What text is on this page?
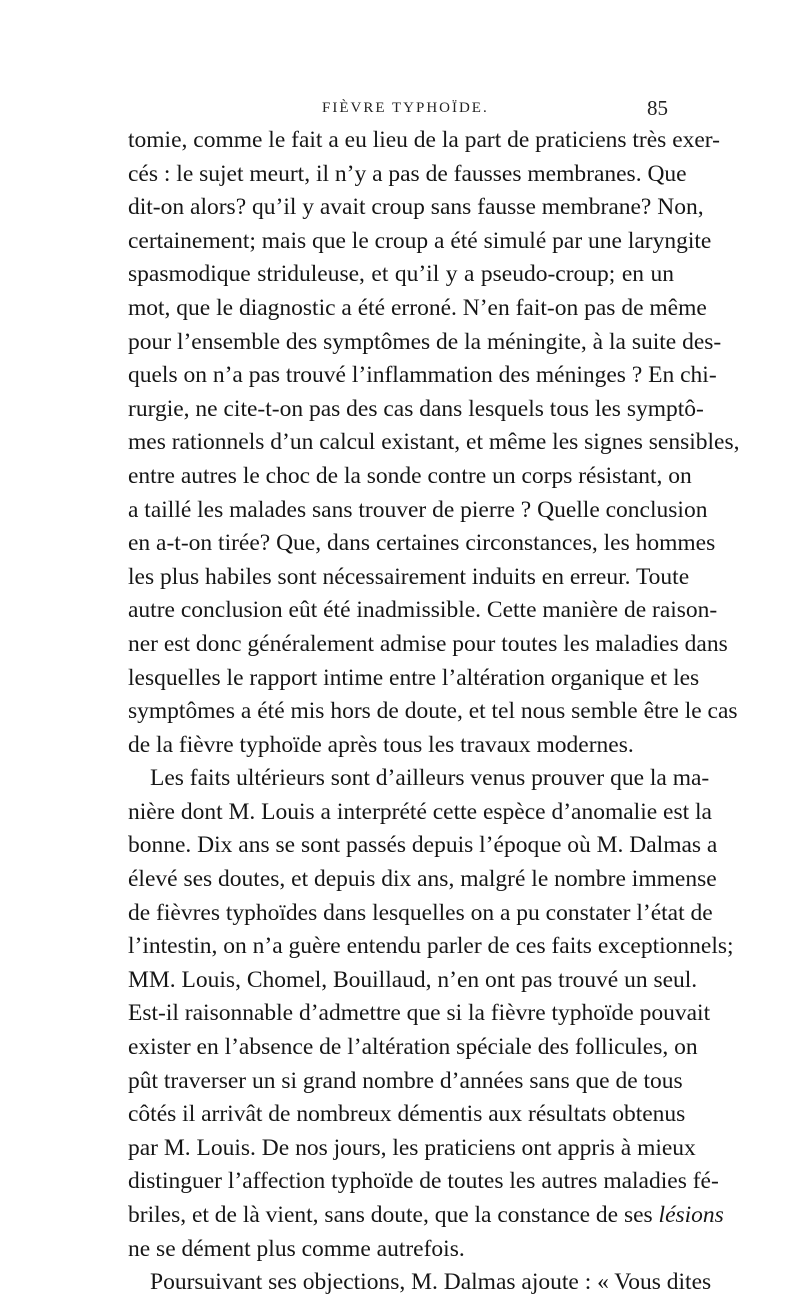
FIÈVRE TYPHOÏDE.	85
tomie, comme le fait a eu lieu de la part de praticiens très exer-
cés : le sujet meurt, il n’y a pas de fausses membranes. Que
dit-on alors? qu’il y avait croup sans fausse membrane? Non,
certainement; mais que le croup a été simulé par une laryngite
spasmodique striduleuse, et qu’il y a pseudo-croup; en un
mot, que le diagnostic a été erroné. N’en fait-on pas de même
pour l’ensemble des symptômes de la méningite, à la suite des-
quels on n’a pas trouvé l’inflammation des méninges ? En chi-
rurgie, ne cite-t-on pas des cas dans lesquels tous les symptô-
mes rationnels d’un calcul existant, et même les signes sensibles,
entre autres le choc de la sonde contre un corps résistant, on
a taillé les malades sans trouver de pierre ? Quelle conclusion
en a-t-on tirée? Que, dans certaines circonstances, les hommes
les plus habiles sont nécessairement induits en erreur. Toute
autre conclusion eût été inadmissible. Cette manière de raison-
ner est donc généralement admise pour toutes les maladies dans
lesquelles le rapport intime entre l’altération organique et les
symptômes a été mis hors de doute, et tel nous semble être le cas
de la fièvre typhoïde après tous les travaux modernes.
Les faits ultérieurs sont d’ailleurs venus prouver que la ma-
nière dont M. Louis a interprété cette espèce d’anomalie est la
bonne. Dix ans se sont passés depuis l’époque où M. Dalmas a
élevé ses doutes, et depuis dix ans, malgré le nombre immense
de fièvres typhoïdes dans lesquelles on a pu constater l’état de
l’intestin, on n’a guère entendu parler de ces faits exceptionnels;
MM. Louis, Chomel, Bouillaud, n’en ont pas trouvé un seul.
Est-il raisonnable d’admettre que si la fièvre typhoïde pouvait
exister en l’absence de l’altération spéciale des follicules, on
pût traverser un si grand nombre d’années sans que de tous
côtés il arrivât de nombreux démentis aux résultats obtenus
par M. Louis. De nos jours, les praticiens ont appris à mieux
distinguer l’affection typhoïde de toutes les autres maladies fé-
briles, et de là vient, sans doute, que la constance de ses lésions
ne se dément plus comme autrefois.
Poursuivant ses objections, M. Dalmas ajoute : « Vous dites
